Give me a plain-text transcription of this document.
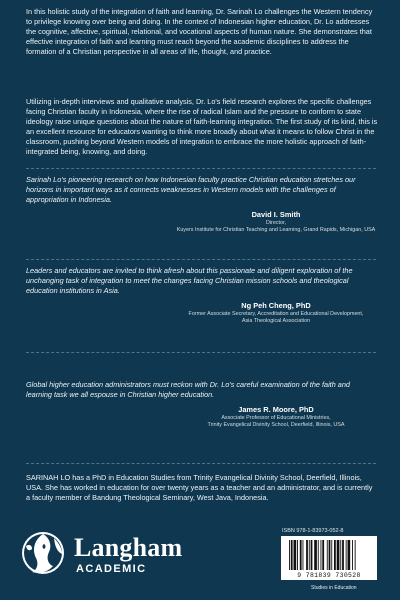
In this holistic study of the integration of faith and learning, Dr. Sarinah Lo challenges the Western tendency to privilege knowing over being and doing. In the context of Indonesian higher education, Dr. Lo addresses the cognitive, affective, spiritual, relational, and vocational aspects of human nature. She demonstrates that effective integration of faith and learning must reach beyond the academic disciplines to address the formation of a Christian perspective in all areas of life, thought, and practice.

Utilizing in-depth interviews and qualitative analysis, Dr. Lo's field research explores the specific challenges facing Christian faculty in Indonesia, where the rise of radical Islam and the pressure to conform to state ideology raise unique questions about the nature of faith-learning integration. The first study of its kind, this is an excellent resource for educators wanting to think more broadly about what it means to follow Christ in the classroom, pushing beyond Western models of integration to embrace the more holistic approach of faith-integrated being, knowing, and doing.

Sarinah Lo's pioneering research on how Indonesian faculty practice Christian education stretches our horizons in important ways as it connects weaknesses in Western models with the challenges of appropriation in Indonesia.
David I. Smith
Director,
Kuyers Institute for Christian Teaching and Learning, Grand Rapids, Michigan, USA
Leaders and educators are invited to think afresh about this passionate and diligent exploration of the unchanging task of integration to meet the changes facing Christian mission schools and theological education institutions in Asia.
Ng Peh Cheng, PhD
Former Associate Secretary, Accreditation and Educational Development,
Asia Theological Association
Global higher education administrators must reckon with Dr. Lo's careful examination of the faith and learning task we all espouse in Christian higher education.
James R. Moore, PhD
Associate Professor of Educational Ministries,
Trinity Evangelical Divinity School, Deerfield, Illinois, USA
SARINAH LO has a PhD in Education Studies from Trinity Evangelical Divinity School, Deerfield, Illinois, USA. She has worked in education for over twenty years as a teacher and an administrator, and is currently a faculty member of Bandung Theological Seminary, West Java, Indonesia.
Langham
ACADEMIC
ISBN 978-1-83973-052-8
9 781839 730528
Studies in Education
